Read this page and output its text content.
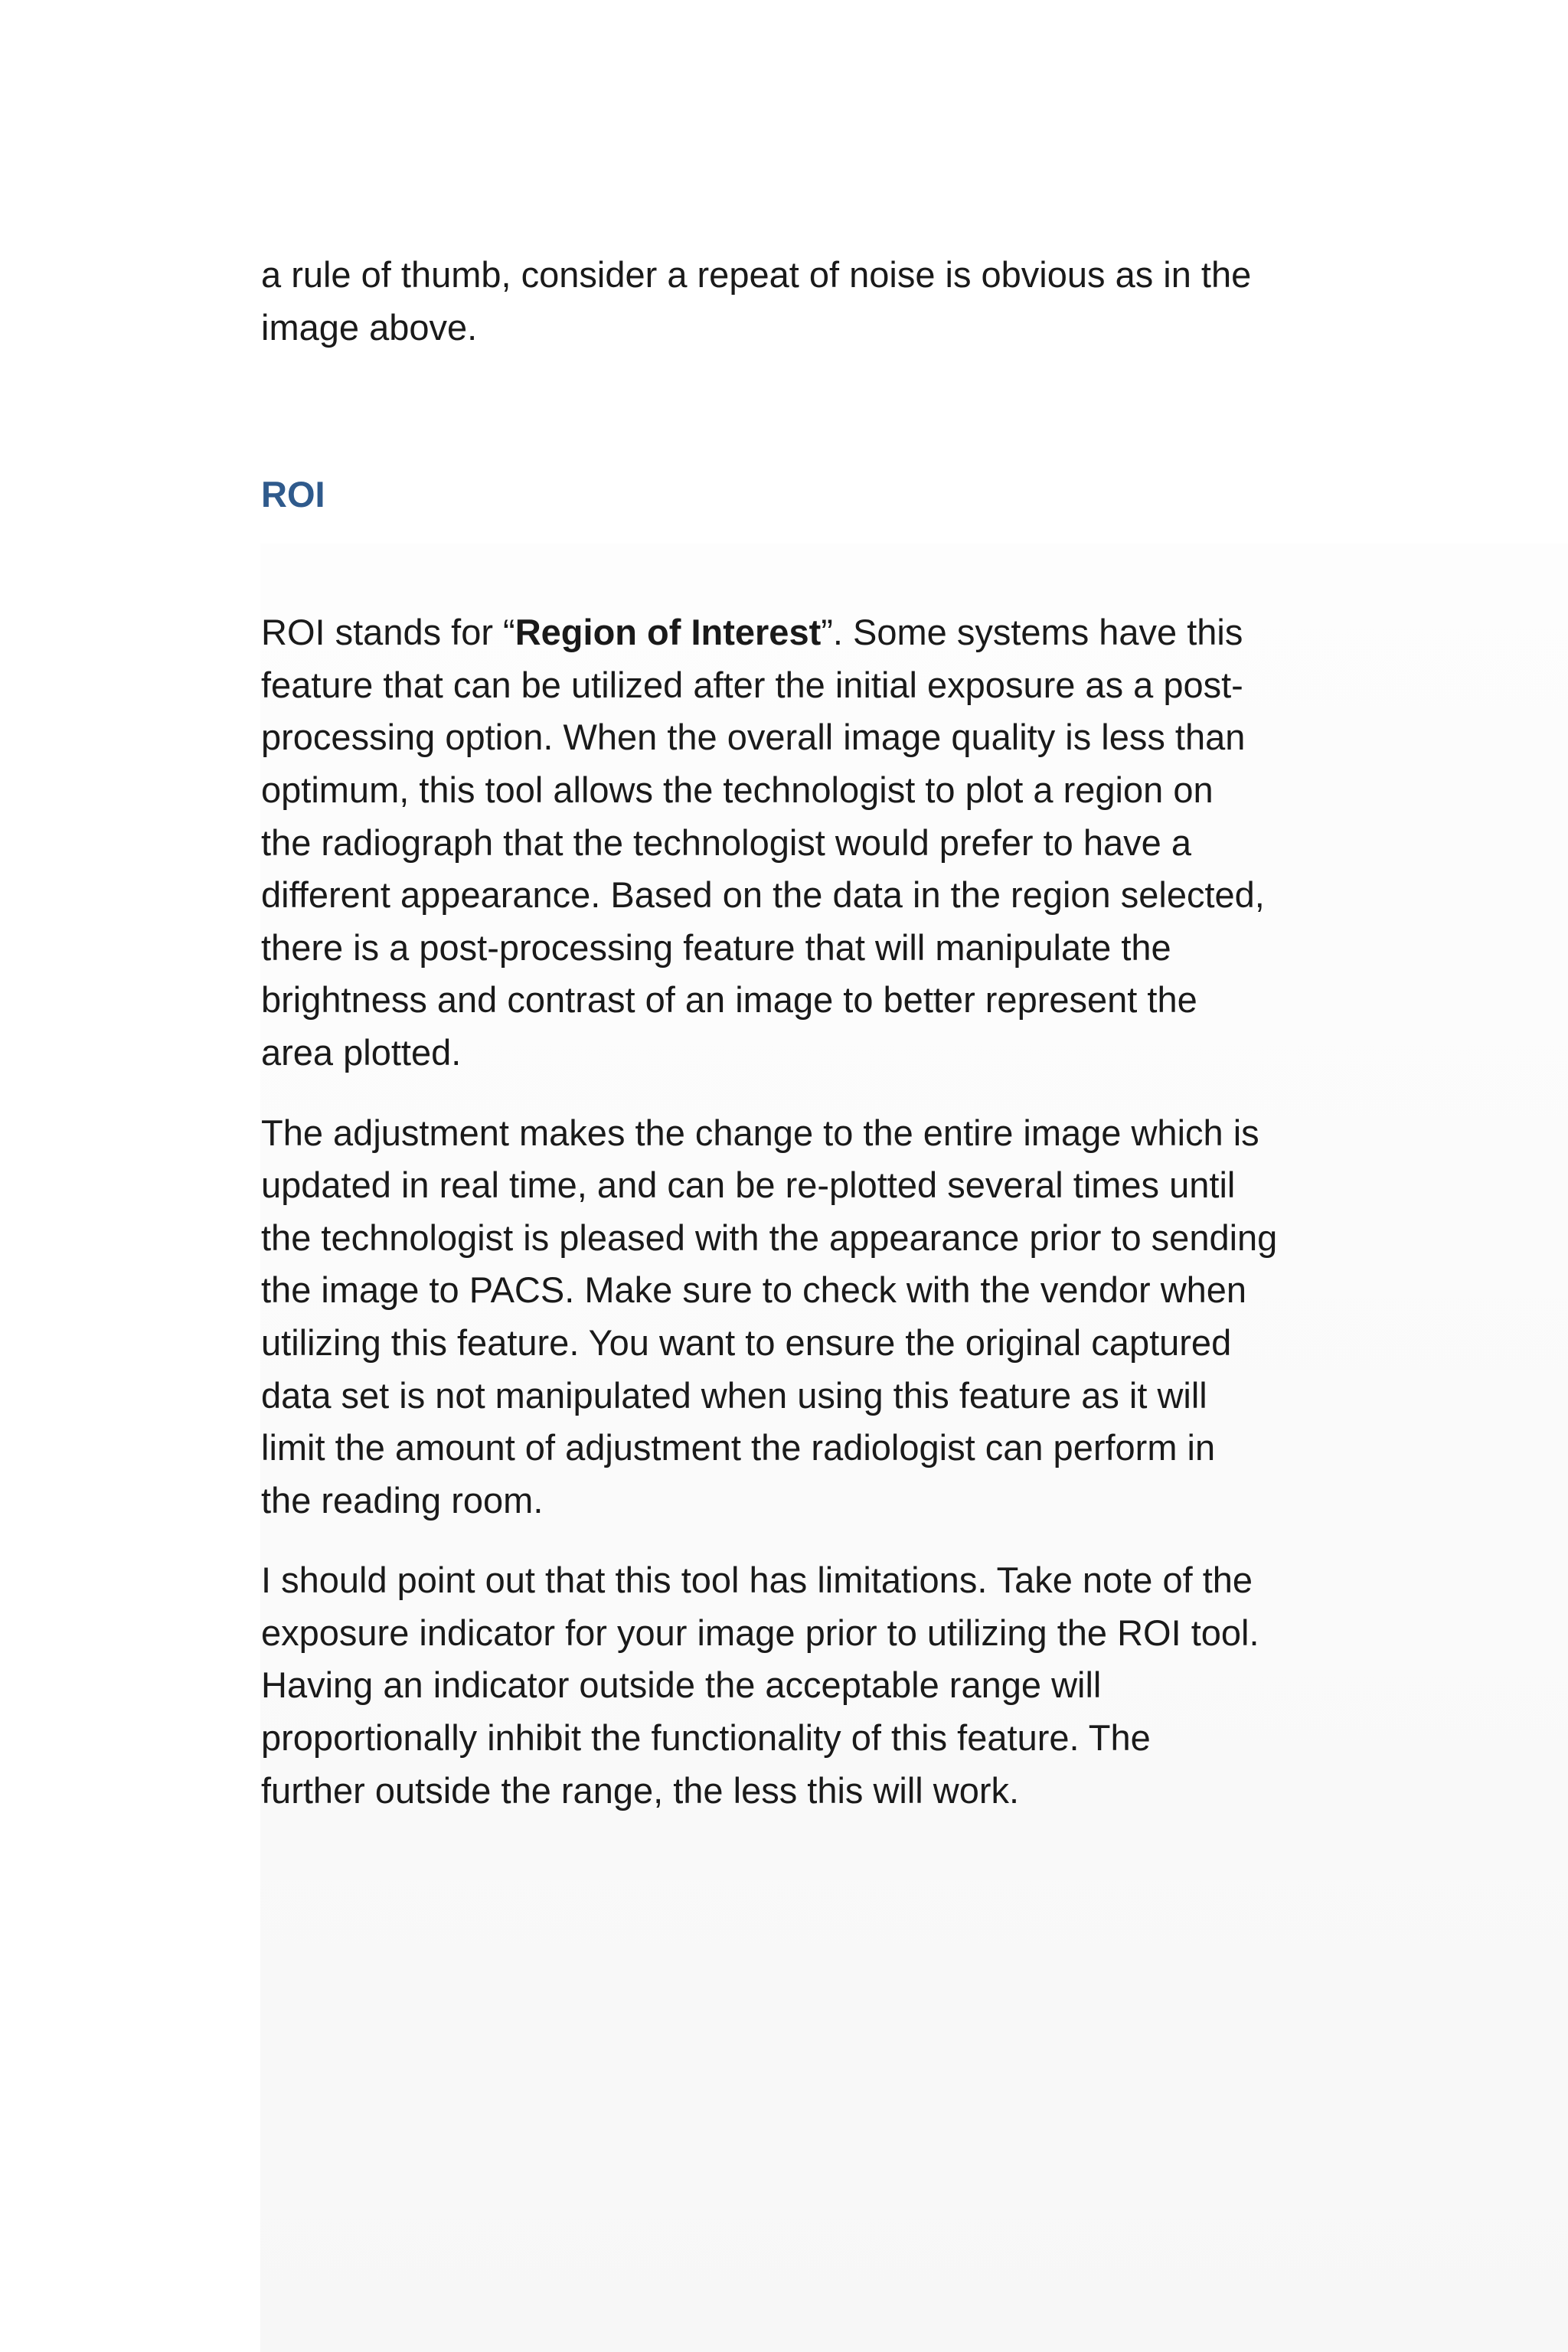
a rule of thumb, consider a repeat of noise is obvious as in the
image above.

ROI

ROI stands for “Region of Interest”. Some systems have this
feature that can be utilized after the initial exposure as a post-
processing option. When the overall image quality is less than
optimum, this tool allows the technologist to plot a region on
the radiograph that the technologist would prefer to have a
different appearance. Based on the data in the region selected,
there is a post-processing feature that will manipulate the
brightness and contrast of an image to better represent the
area plotted.

The adjustment makes the change to the entire image which is
updated in real time, and can be re-plotted several times until
the technologist is pleased with the appearance prior to sending
the image to PACS. Make sure to check with the vendor when
utilizing this feature. You want to ensure the original captured
data set is not manipulated when using this feature as it will
limit the amount of adjustment the radiologist can perform in
the reading room.

I should point out that this tool has limitations. Take note of the
exposure indicator for your image prior to utilizing the ROI tool.
Having an indicator outside the acceptable range will
proportionally inhibit the functionality of this feature. The
further outside the range, the less this will work.
